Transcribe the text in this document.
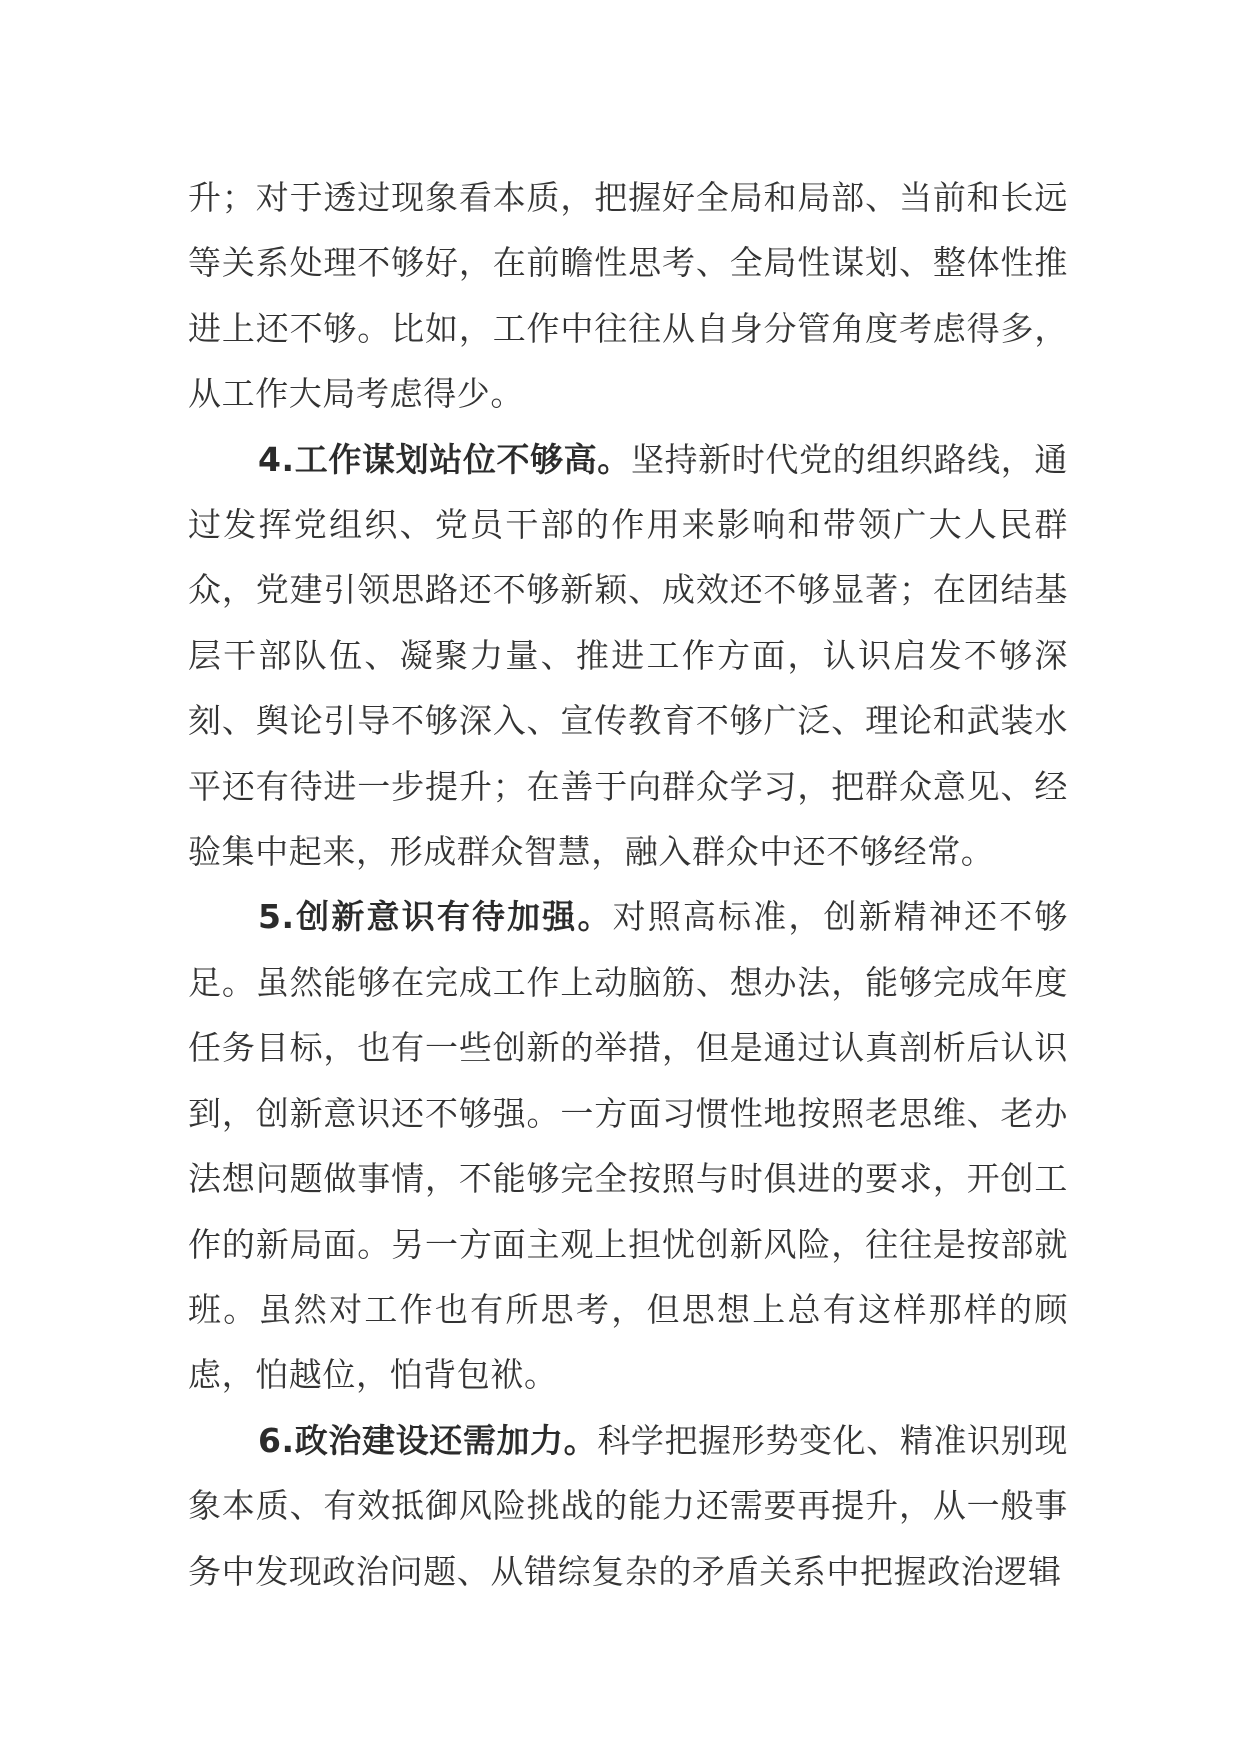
升；对于透过现象看本质，把握好全局和局部、当前和长远等关系处理不够好，在前瞻性思考、全局性谋划、整体性推进上还不够。比如，工作中往往从自身分管角度考虑得多，从工作大局考虑得少。

4.工作谋划站位不够高。坚持新时代党的组织路线，通过发挥党组织、党员干部的作用来影响和带领广大人民群众，党建引领思路还不够新颖、成效还不够显著；在团结基层干部队伍、凝聚力量、推进工作方面，认识启发不够深刻、舆论引导不够深入、宣传教育不够广泛、理论和武装水平还有待进一步提升；在善于向群众学习，把群众意见、经验集中起来，形成群众智慧，融入群众中还不够经常。

5.创新意识有待加强。对照高标准，创新精神还不够足。虽然能够在完成工作上动脑筋、想办法，能够完成年度任务目标，也有一些创新的举措，但是通过认真剖析后认识到，创新意识还不够强。一方面习惯性地按照老思维、老办法想问题做事情，不能够完全按照与时俱进的要求，开创工作的新局面。另一方面主观上担忧创新风险，往往是按部就班。虽然对工作也有所思考，但思想上总有这样那样的顾虑，怕越位，怕背包袱。

6.政治建设还需加力。科学把握形势变化、精准识别现象本质、有效抵御风险挑战的能力还需要再提升，从一般事务中发现政治问题、从错综复杂的矛盾关系中把握政治逻辑
